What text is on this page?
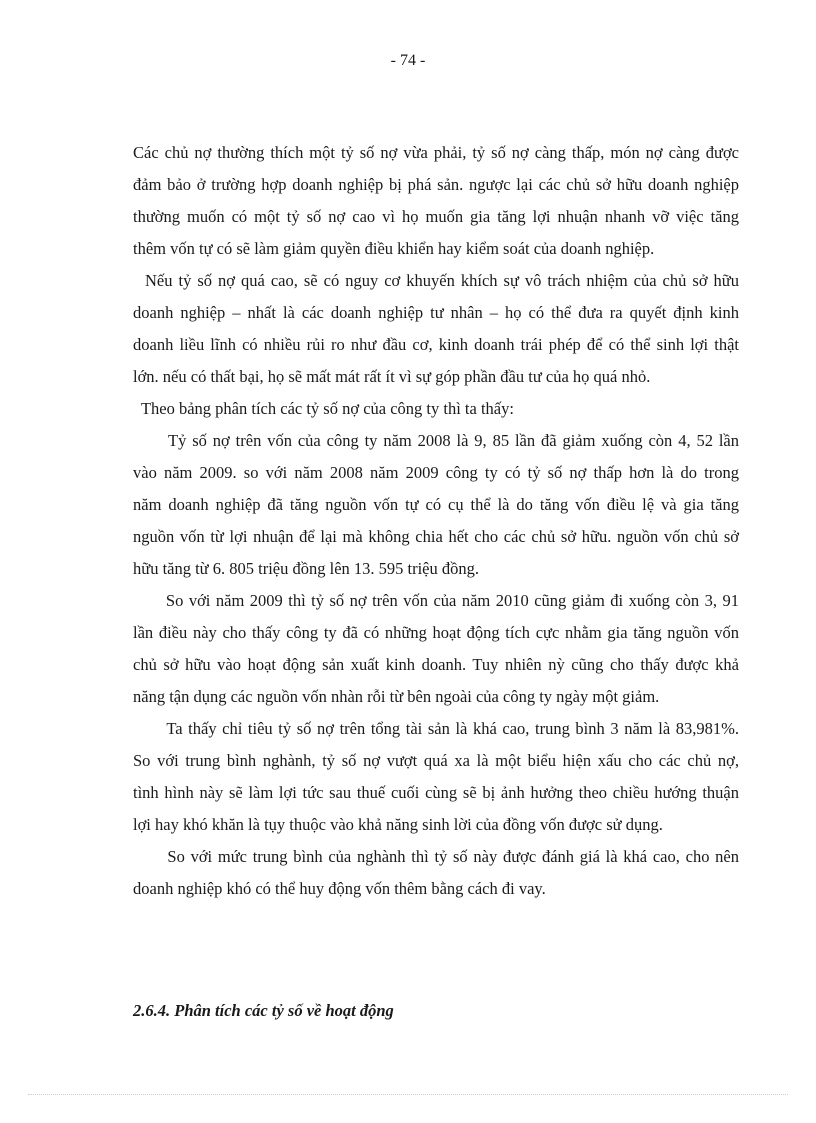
- 74 -
Các chủ nợ thường thích một tỷ số nợ vừa phải, tỷ số nợ càng thấp, món nợ càng được
đảm bảo ở trường hợp doanh nghiệp bị phá sản. ngược lại các chủ sở hữu doanh nghiệp
thường muốn có một tỷ số nợ cao vì họ muốn gia tăng lợi nhuận nhanh vỡ việc tăng
thêm vốn tự có sẽ làm giảm quyền điều khiển hay kiểm soát của doanh nghiệp.
Nếu tỷ số nợ quá cao, sẽ có nguy cơ khuyến khích sự vô trách nhiệm của chủ sở hữu
doanh nghiệp – nhất là các doanh nghiệp tư nhân – họ có thể đưa ra quyết định kinh
doanh liều lĩnh có nhiều rủi ro như đầu cơ, kinh doanh trái phép để có thể sinh lợi thật
lớn. nếu có thất bại, họ sẽ mất mát rất ít vì sự góp phần đầu tư của họ quá nhỏ.
Theo bảng phân tích các tỷ số nợ của công ty thì ta thấy:
Tỷ số nợ trên vốn của công ty năm 2008 là 9, 85 lần đã giảm xuống còn 4, 52 lần
vào năm 2009. so với năm 2008 năm 2009 công ty có tỷ số nợ thấp hơn là do trong
năm doanh nghiệp đã tăng nguồn vốn tự có cụ thể là do tăng vốn điều lệ và gia tăng
nguồn vốn từ lợi nhuận để lại mà không chia hết cho các chủ sở hữu. nguồn vốn chủ sở
hữu tăng từ 6. 805 triệu đồng lên 13. 595 triệu đồng.
So với năm 2009 thì tỷ số nợ trên vốn của năm 2010 cũng giảm đi xuống còn 3, 91
lần điều này cho thấy công ty đã có những hoạt động tích cực nhằm gia tăng nguồn vốn
chủ sở hữu vào hoạt động sản xuất kinh doanh. Tuy nhiên nỳ cũng cho thấy được khả
năng tận dụng các nguồn vốn nhàn rỗi từ bên ngoài của công ty ngày một giảm.
Ta thấy chỉ tiêu tỷ số nợ trên tổng tài sản là khá cao, trung bình 3 năm là 83,981%.
So với trung bình nghành, tỷ số nợ vượt quá xa là một biểu hiện xấu cho các chủ nợ,
tình hình này sẽ làm lợi tức sau thuế cuối cùng sẽ bị ảnh hưởng theo chiều hướng thuận
lợi hay khó khăn là tụy thuộc vào khả năng sinh lời của đồng vốn được sử dụng.
So với mức trung bình của nghành thì tỷ số này được đánh giá là khá cao, cho nên
doanh nghiệp khó có thể huy động vốn thêm bằng cách đi vay.
2.6.4. Phân tích các tỷ số về hoạt động
